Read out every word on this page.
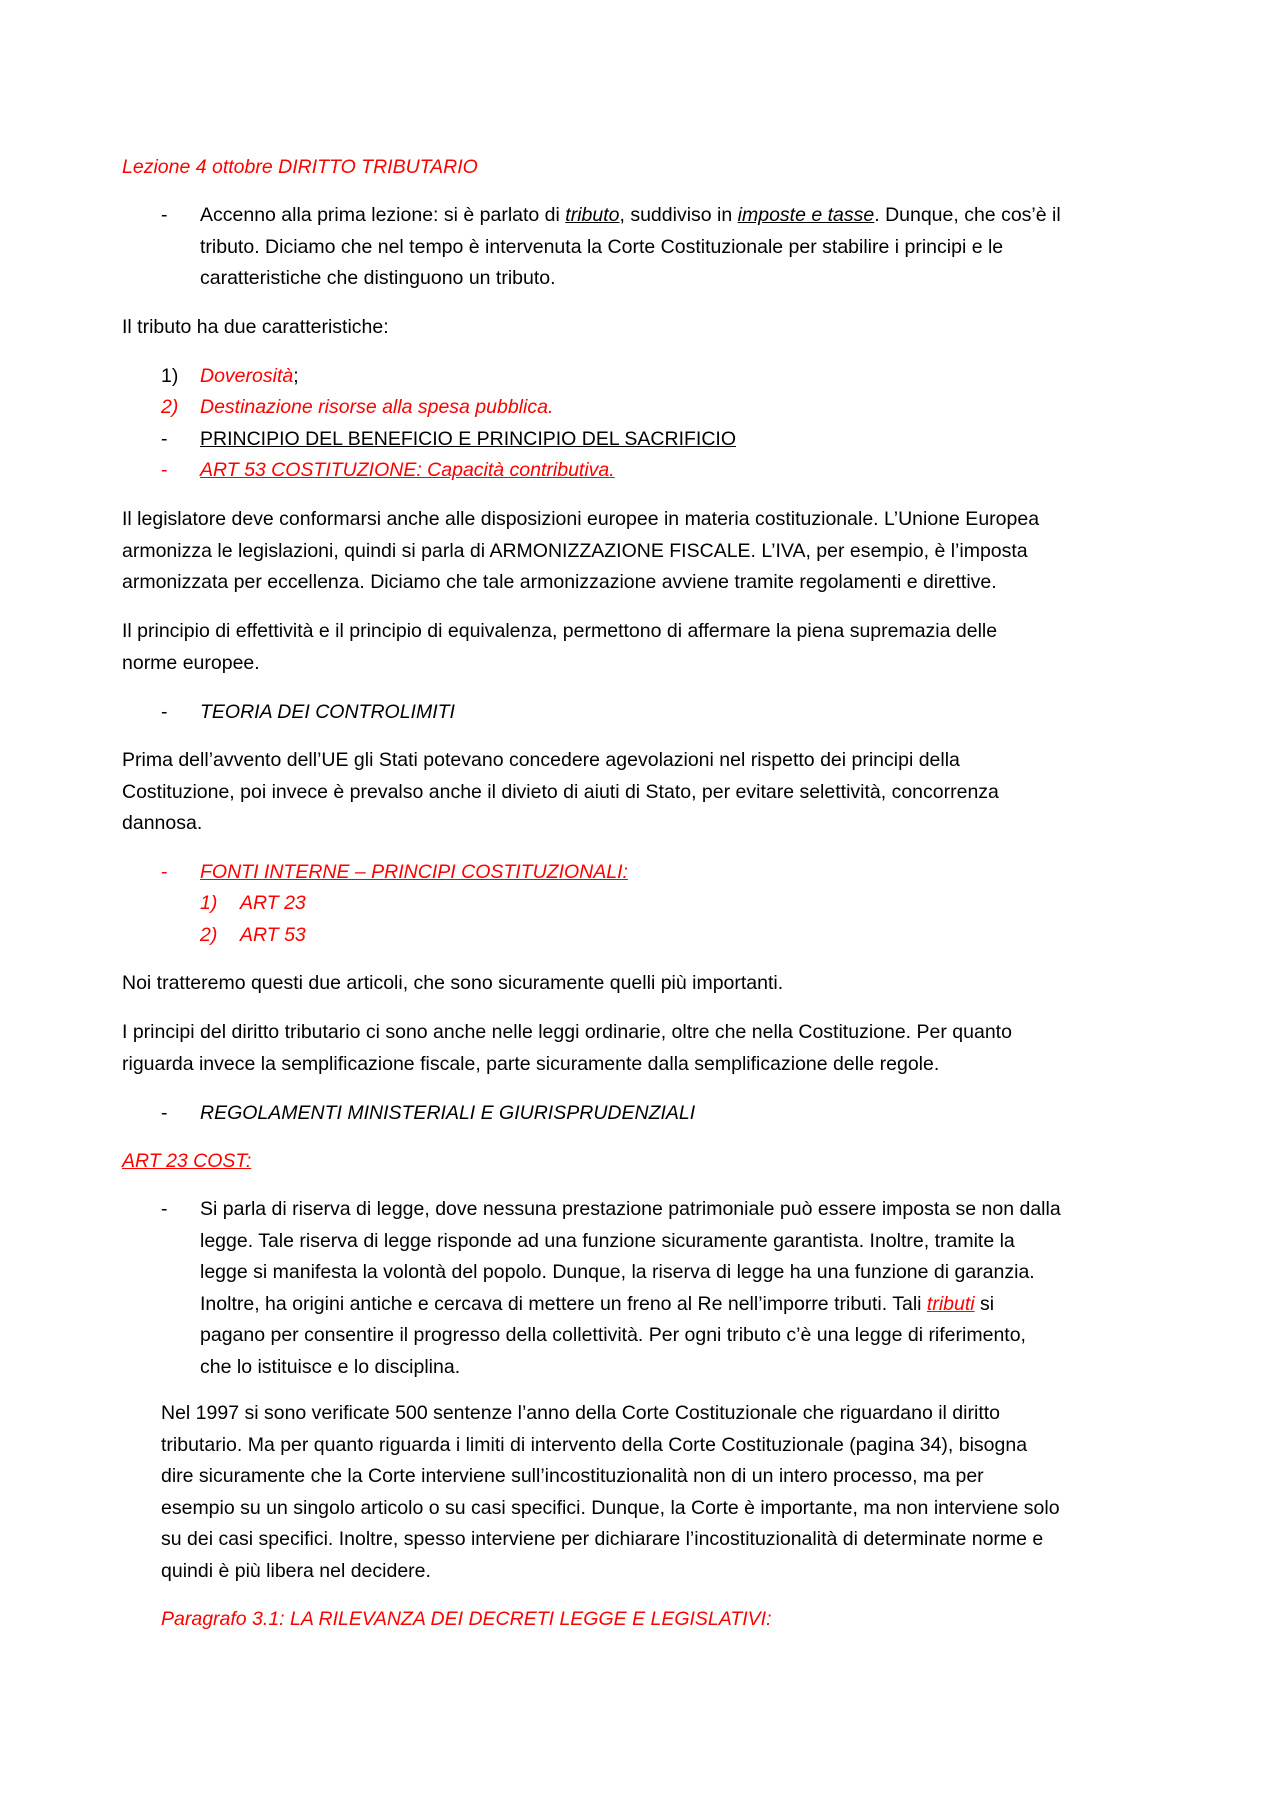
Lezione 4 ottobre DIRITTO TRIBUTARIO
- Accenno alla prima lezione: si è parlato di tributo, suddiviso in imposte e tasse. Dunque, che cos’è il
tributo. Diciamo che nel tempo è intervenuta la Corte Costituzionale per stabilire i principi e le
caratteristiche che distinguono un tributo.
Il tributo ha due caratteristiche:
1) Doverosità;
2) Destinazione risorse alla spesa pubblica.
- PRINCIPIO DEL BENEFICIO E PRINCIPIO DEL SACRIFICIO
- ART 53 COSTITUZIONE: Capacità contributiva.
Il legislatore deve conformarsi anche alle disposizioni europee in materia costituzionale. L’Unione Europea
armonizza le legislazioni, quindi si parla di ARMONIZZAZIONE FISCALE. L’IVA, per esempio, è l’imposta
armonizzata per eccellenza. Diciamo che tale armonizzazione avviene tramite regolamenti e direttive.
Il principio di effettività e il principio di equivalenza, permettono di affermare la piena supremazia delle
norme europee.
- TEORIA DEI CONTROLIMITI
Prima dell’avvento dell’UE gli Stati potevano concedere agevolazioni nel rispetto dei principi della
Costituzione, poi invece è prevalso anche il divieto di aiuti di Stato, per evitare selettività, concorrenza
dannosa.
- FONTI INTERNE – PRINCIPI COSTITUZIONALI:
1) ART 23
2) ART 53
Noi tratteremo questi due articoli, che sono sicuramente quelli più importanti.
I principi del diritto tributario ci sono anche nelle leggi ordinarie, oltre che nella Costituzione. Per quanto
riguarda invece la semplificazione fiscale, parte sicuramente dalla semplificazione delle regole.
- REGOLAMENTI MINISTERIALI E GIURISPRUDENZIALI
ART 23 COST:
- Si parla di riserva di legge, dove nessuna prestazione patrimoniale può essere imposta se non dalla
legge. Tale riserva di legge risponde ad una funzione sicuramente garantista. Inoltre, tramite la
legge si manifesta la volontà del popolo. Dunque, la riserva di legge ha una funzione di garanzia.
Inoltre, ha origini antiche e cercava di mettere un freno al Re nell’imporre tributi. Tali tributi si
pagano per consentire il progresso della collettività. Per ogni tributo c’è una legge di riferimento,
che lo istituisce e lo disciplina.
Nel 1997 si sono verificate 500 sentenze l’anno della Corte Costituzionale che riguardano il diritto
tributario. Ma per quanto riguarda i limiti di intervento della Corte Costituzionale (pagina 34), bisogna
dire sicuramente che la Corte interviene sull’incostituzionalità non di un intero processo, ma per
esempio su un singolo articolo o su casi specifici. Dunque, la Corte è importante, ma non interviene solo
su dei casi specifici. Inoltre, spesso interviene per dichiarare l’incostituzionalità di determinate norme e
quindi è più libera nel decidere.
Paragrafo 3.1: LA RILEVANZA DEI DECRETI LEGGE E LEGISLATIVI:
